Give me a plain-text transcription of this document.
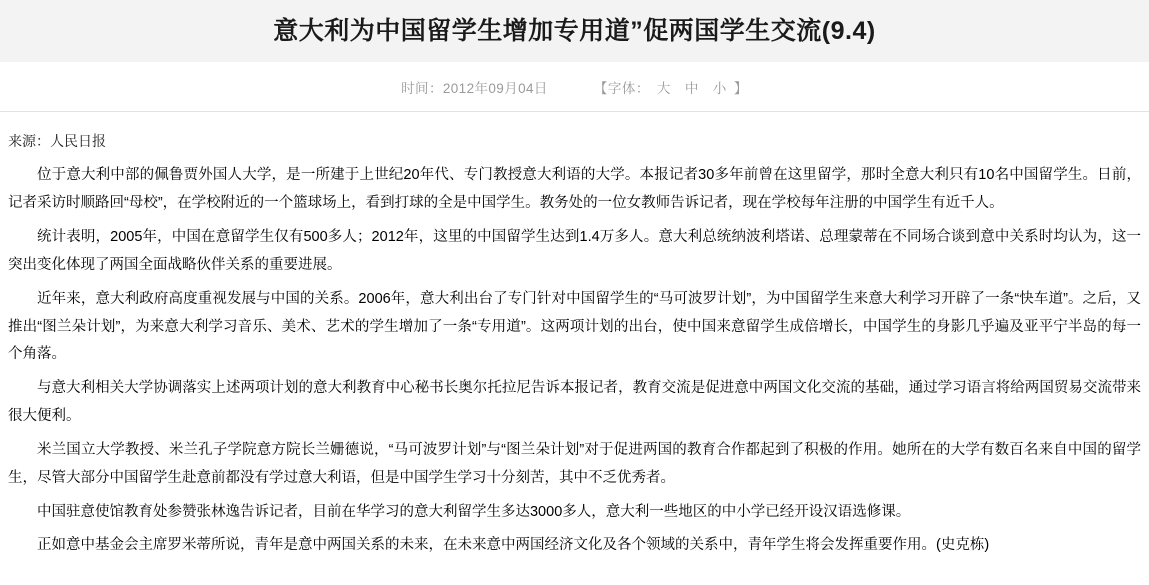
意大利为中国留学生增加专用道”促两国学生交流(9.4)
时间：2012年09月04日	【字体： 大 中 小 】

来源：人民日报

位于意大利中部的佩鲁贾外国人大学，是一所建于上世纪20年代、专门教授意大利语的大学。本报记者30多年前曾在这里留学，那时全意大利只有10名中国留学生。日前，记者采访时顺路回“母校”，在学校附近的一个篮球场上，看到打球的全是中国学生。教务处的一位女教师告诉记者，现在学校每年注册的中国学生有近千人。

统计表明，2005年，中国在意留学生仅有500多人；2012年，这里的中国留学生达到1.4万多人。意大利总统纳波利塔诺、总理蒙蒂在不同场合谈到意中关系时均认为，这一突出变化体现了两国全面战略伙伴关系的重要进展。

近年来，意大利政府高度重视发展与中国的关系。2006年，意大利出台了专门针对中国留学生的“马可波罗计划”，为中国留学生来意大利学习开辟了一条“快车道”。之后，又推出“图兰朵计划”，为来意大利学习音乐、美术、艺术的学生增加了一条“专用道”。这两项计划的出台，使中国来意留学生成倍增长，中国学生的身影几乎遍及亚平宁半岛的每一个角落。

与意大利相关大学协调落实上述两项计划的意大利教育中心秘书长奥尔托拉尼告诉本报记者，教育交流是促进意中两国文化交流的基础，通过学习语言将给两国贸易交流带来很大便利。

米兰国立大学教授、米兰孔子学院意方院长兰姗德说，“马可波罗计划”与“图兰朵计划”对于促进两国的教育合作都起到了积极的作用。她所在的大学有数百名来自中国的留学生，尽管大部分中国留学生赴意前都没有学过意大利语，但是中国学生学习十分刻苦，其中不乏优秀者。

中国驻意使馆教育处参赞张林逸告诉记者，目前在华学习的意大利留学生多达3000多人，意大利一些地区的中小学已经开设汉语选修课。

正如意中基金会主席罗米蒂所说，青年是意中两国关系的未来，在未来意中两国经济文化及各个领域的关系中，青年学生将会发挥重要作用。(史克栋)
